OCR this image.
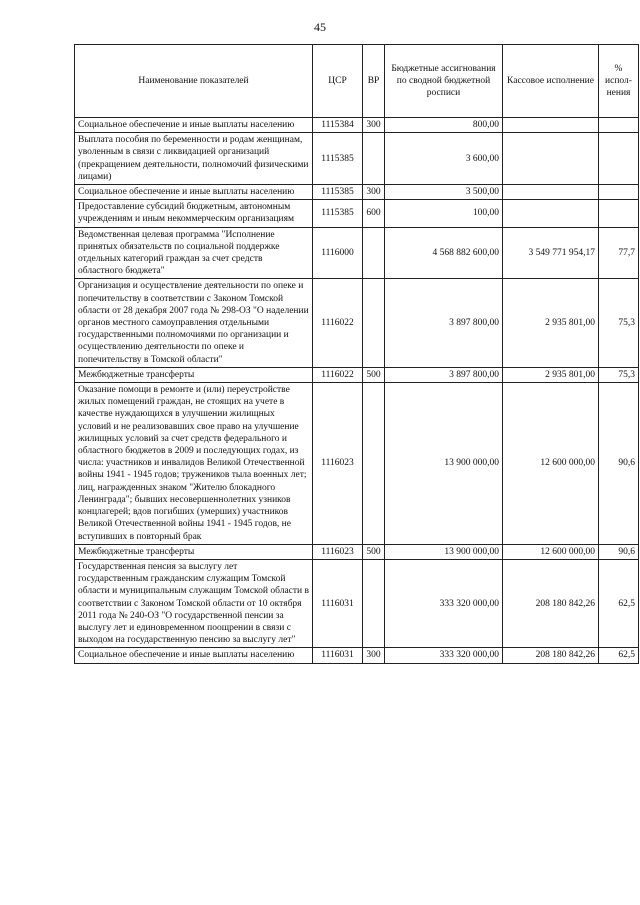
45
Наименование показателей	ЦСР	ВР	Бюджетные ассигнования по сводной бюджетной росписи	Кассовое исполнение	% испол-нения
Социальное обеспечение и иные выплаты населению	1115384	300	800,00		
Выплата пособия по беременности и родам женщинам, уволенным в связи с ликвидацией организаций (прекращением деятельности, полномочий физическими лицами)	1115385		3 600,00		
Социальное обеспечение и иные выплаты населению	1115385	300	3 500,00		
Предоставление субсидий бюджетным, автономным учреждениям и иным некоммерческим организациям	1115385	600	100,00		
Ведомственная целевая программа "Исполнение принятых обязательств по социальной поддержке отдельных категорий граждан за счет средств областного бюджета"	1116000		4 568 882 600,00	3 549 771 954,17	77,7
Организация и осуществление деятельности по опеке и попечительству в соответствии с Законом Томской области от 28 декабря 2007 года № 298-ОЗ "О наделении органов местного самоуправления отдельными государственными полномочиями по организации и осуществлению деятельности по опеке и попечительству в Томской области"	1116022		3 897 800,00	2 935 801,00	75,3
Межбюджетные трансферты	1116022	500	3 897 800,00	2 935 801,00	75,3
Оказание помощи в ремонте и (или) переустройстве жилых помещений граждан, не стоящих на учете в качестве нуждающихся в улучшении жилищных условий и не реализовавших свое право на улучшение жилищных условий за счет средств федерального и областного бюджетов в 2009 и последующих годах, из числа: участников и инвалидов Великой Отечественной войны 1941 - 1945 годов; тружеников тыла военных лет; лиц, награжденных знаком "Жителю блокадного Ленинграда"; бывших несовершеннолетних узников концлагерей; вдов погибших (умерших) участников Великой Отечественной войны 1941 - 1945 годов, не вступивших в повторный брак	1116023		13 900 000,00	12 600 000,00	90,6
Межбюджетные трансферты	1116023	500	13 900 000,00	12 600 000,00	90,6
Государственная пенсия за выслугу лет государственным гражданским служащим Томской области и муниципальным служащим Томской области в соответствии с Законом Томской области от 10 октября 2011 года № 240-ОЗ "О государственной пенсии за выслугу лет и единовременном поощрении в связи с выходом на государственную пенсию за выслугу лет"	1116031		333 320 000,00	208 180 842,26	62,5
Социальное обеспечение и иные выплаты населению	1116031	300	333 320 000,00	208 180 842,26	62,5
